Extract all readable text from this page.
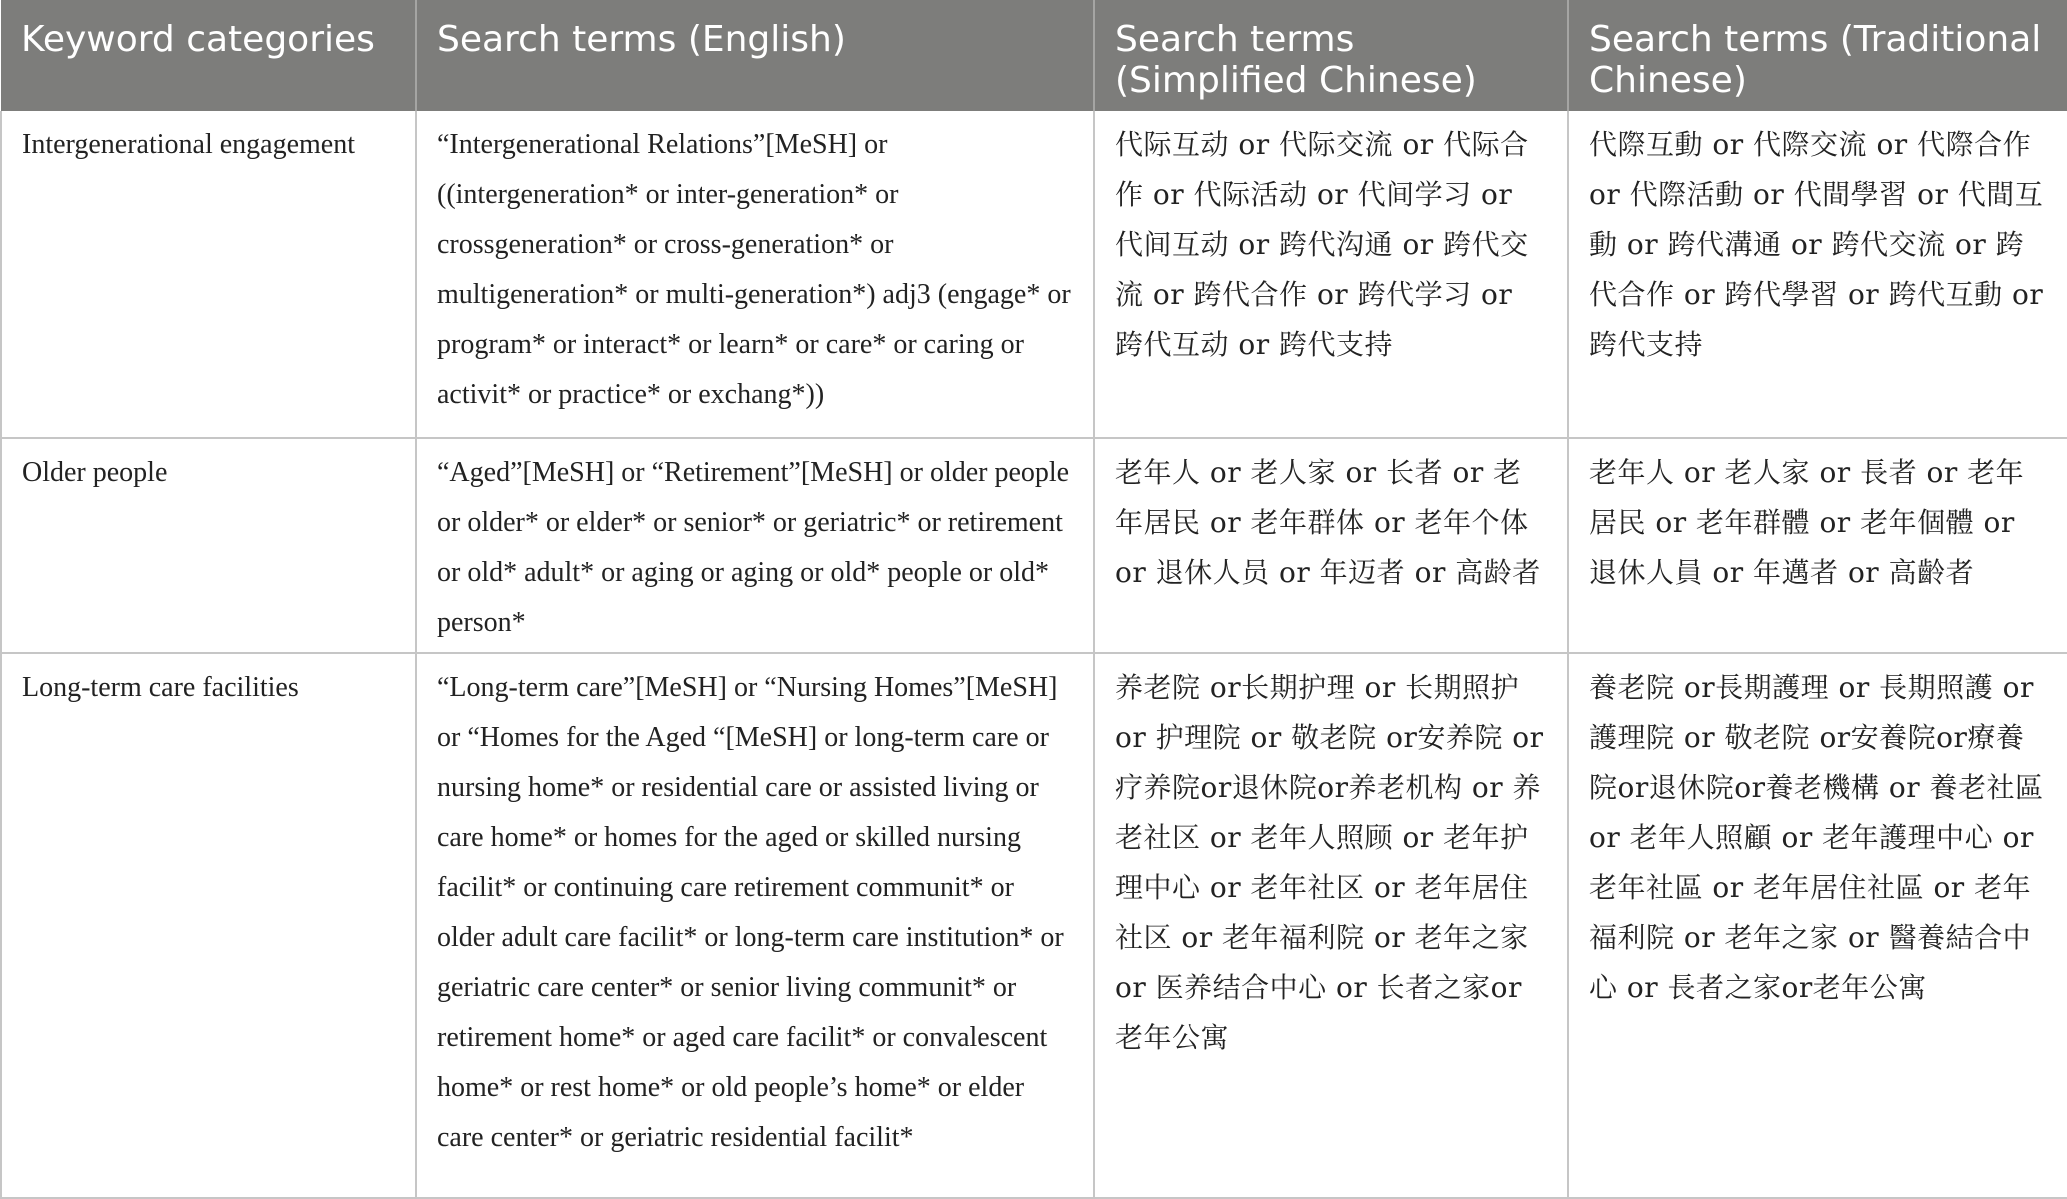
Keyword categories	Search terms (English)	Search terms (Simplified Chinese)	Search terms (Traditional Chinese)
Intergenerational engagement	“Intergenerational Relations”[MeSH] or ((intergeneration* or inter-generation* or crossgeneration* or cross-generation* or multigeneration* or multi-generation*) adj3 (engage* or program* or interact* or learn* or care* or caring or activit* or practice* or exchang*))	代际互动 or 代际交流 or 代际合作 or 代际活动 or 代间学习 or 代间互动 or 跨代沟通 or 跨代交流 or 跨代合作 or 跨代学习 or 跨代互动 or 跨代支持	代際互動 or 代際交流 or 代際合作 or 代際活動 or 代間學習 or 代間互動 or 跨代溝通 or 跨代交流 or 跨代合作 or 跨代學習 or 跨代互動 or 跨代支持
Older people	“Aged”[MeSH] or “Retirement”[MeSH] or older people or older* or elder* or senior* or geriatric* or retirement or old* adult* or aging or aging or old* people or old* person*	老年人 or 老人家 or 长者 or 老年居民 or 老年群体 or 老年个体 or 退休人员 or 年迈者 or 高龄者	老年人 or 老人家 or 長者 or 老年居民 or 老年群體 or 老年個體 or 退休人員 or 年邁者 or 高齡者
Long-term care facilities	“Long-term care”[MeSH] or “Nursing Homes”[MeSH] or “Homes for the Aged “[MeSH] or long-term care or nursing home* or residential care or assisted living or care home* or homes for the aged or skilled nursing facilit* or continuing care retirement communit* or older adult care facilit* or long-term care institution* or geriatric care center* or senior living communit* or retirement home* or aged care facilit* or convalescent home* or rest home* or old people’s home* or elder care center* or geriatric residential facilit*	养老院 or长期护理 or 长期照护 or 护理院 or 敬老院 or安养院 or疗养院or退休院or养老机构 or 养老社区 or 老年人照顾 or 老年护理中心 or 老年社区 or 老年居住社区 or 老年福利院 or 老年之家 or 医养结合中心 or 长者之家or 老年公寓	養老院 or長期護理 or 長期照護 or 護理院 or 敬老院 or安養院or療養院or退休院or養老機構 or 養老社區 or 老年人照顧 or 老年護理中心 or 老年社區 or 老年居住社區 or 老年福利院 or 老年之家 or 醫養結合中心 or 長者之家or老年公寓
